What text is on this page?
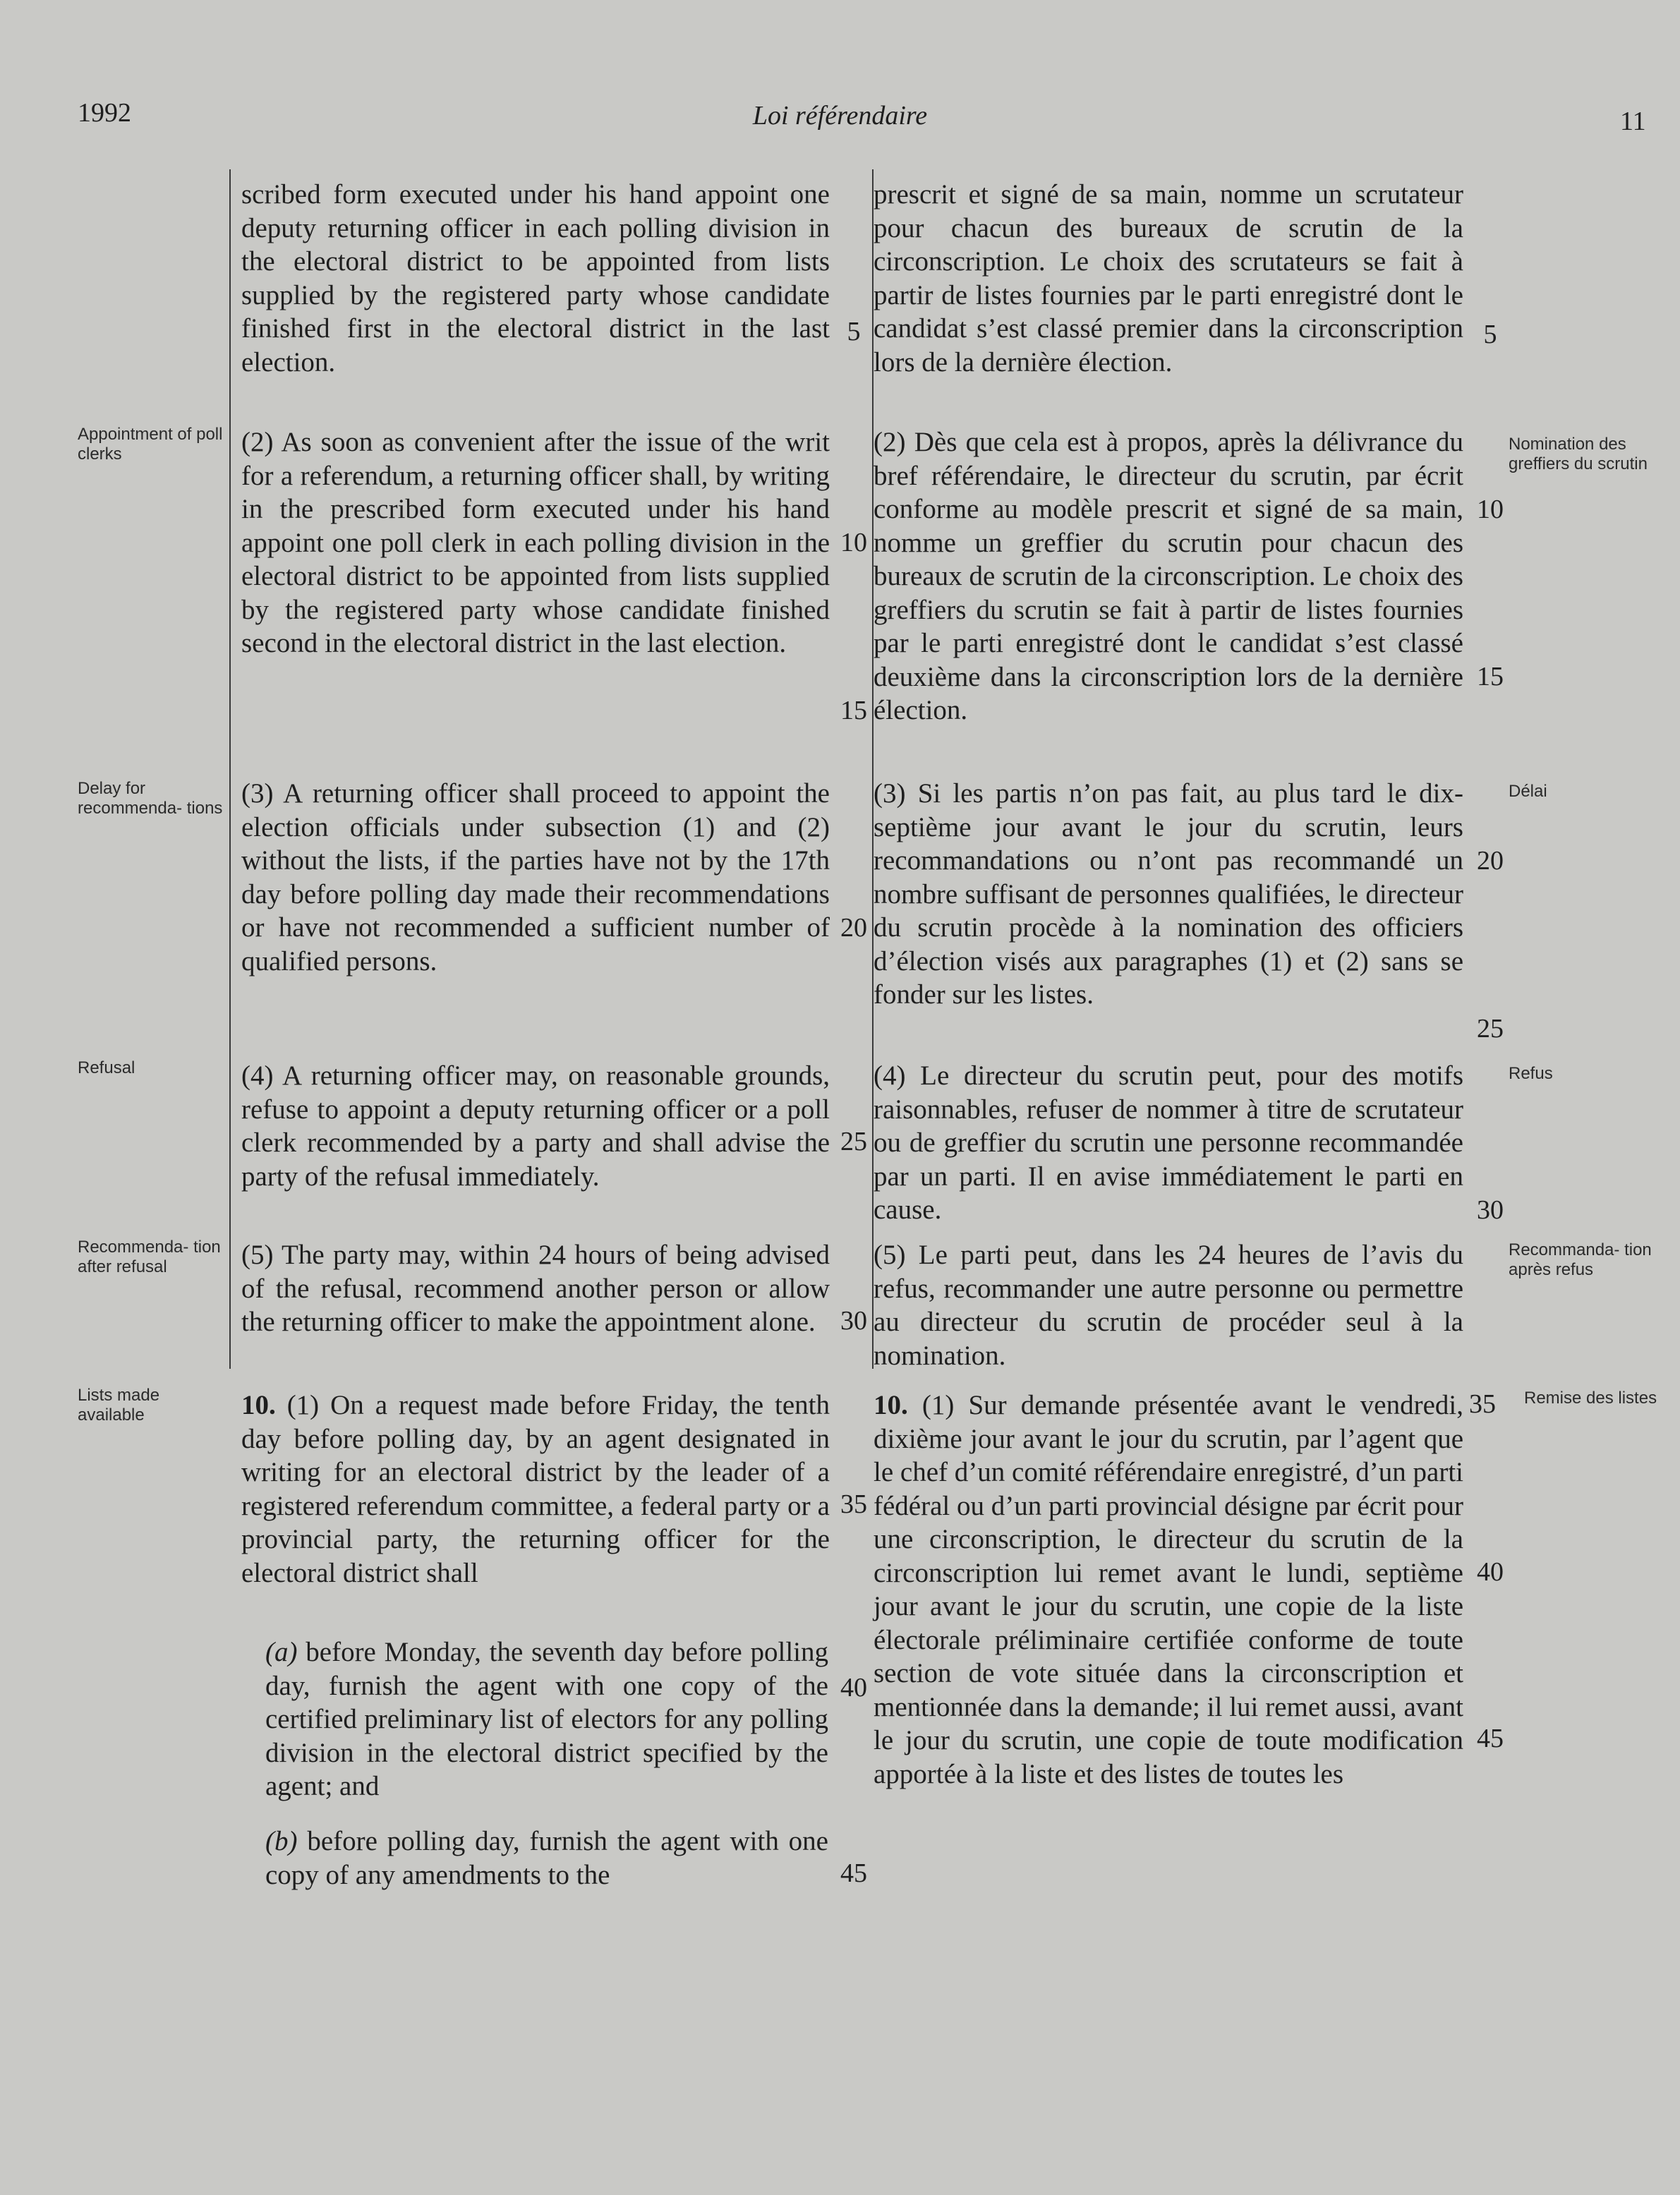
1992	Loi référendaire	11
Appointment of poll clerks
Delay for recommenda- tions
Refusal
Recommenda- tion after refusal
Lists made available
Nomination des greffiers du scrutin
Délai
Refus
Recommanda- tion après refus
Remise des listes

scribed form executed under his hand appoint one deputy returning officer in each polling division in the electoral district to be appointed from lists supplied by the registered party whose candidate finished first in the electoral district in the last election.

(2) As soon as convenient after the issue of the writ for a referendum, a returning officer shall, by writing in the prescribed form executed under his hand appoint one poll clerk in each polling division in the electoral district to be appointed from lists supplied by the registered party whose candidate finished second in the electoral district in the last election.

(3) A returning officer shall proceed to appoint the election officials under subsection (1) and (2) without the lists, if the parties have not by the 17th day before polling day made their recommendations or have not recommended a sufficient number of qualified persons.

(4) A returning officer may, on reasonable grounds, refuse to appoint a deputy returning officer or a poll clerk recommended by a party and shall advise the party of the refusal immediately.

(5) The party may, within 24 hours of being advised of the refusal, recommend another person or allow the returning officer to make the appointment alone.

10. (1) On a request made before Friday, the tenth day before polling day, by an agent designated in writing for an electoral district by the leader of a registered referendum committee, a federal party or a provincial party, the returning officer for the electoral district shall

(a) before Monday, the seventh day before polling day, furnish the agent with one copy of the certified preliminary list of electors for any polling division in the electoral district specified by the agent; and

(b) before polling day, furnish the agent with one copy of any amendments to the

prescrit et signé de sa main, nomme un scrutateur pour chacun des bureaux de scrutin de la circonscription. Le choix des scrutateurs se fait à partir de listes fournies par le parti enregistré dont le candidat s’est classé premier dans la circonscription lors de la dernière élection.

(2) Dès que cela est à propos, après la délivrance du bref référendaire, le directeur du scrutin, par écrit conforme au modèle prescrit et signé de sa main, nomme un greffier du scrutin pour chacun des bureaux de scrutin de la circonscription. Le choix des greffiers du scrutin se fait à partir de listes fournies par le parti enregistré dont le candidat s’est classé deuxième dans la circonscription lors de la dernière élection.

(3) Si les partis n’on pas fait, au plus tard le dix-septième jour avant le jour du scrutin, leurs recommandations ou n’ont pas recommandé un nombre suffisant de personnes qualifiées, le directeur du scrutin procède à la nomination des officiers d’élection visés aux paragraphes (1) et (2) sans se fonder sur les listes.

(4) Le directeur du scrutin peut, pour des motifs raisonnables, refuser de nommer à titre de scrutateur ou de greffier du scrutin une personne recommandée par un parti. Il en avise immédiatement le parti en cause.

(5) Le parti peut, dans les 24 heures de l’avis du refus, recommander une autre personne ou permettre au directeur du scrutin de procéder seul à la nomination.

10. (1) Sur demande présentée avant le vendredi, dixième jour avant le jour du scrutin, par l’agent que le chef d’un comité référendaire enregistré, d’un parti fédéral ou d’un parti provincial désigne par écrit pour une circonscription, le directeur du scrutin de la circonscription lui remet avant le lundi, septième jour avant le jour du scrutin, une copie de la liste électorale préliminaire certifiée conforme de toute section de vote située dans la circonscription et mentionnée dans la demande; il lui remet aussi, avant le jour du scrutin, une copie de toute modification apportée à la liste et des listes de toutes les

5
10
15
20
25
30
35
40
45
5
10
15
20
25
30
35
40
45
